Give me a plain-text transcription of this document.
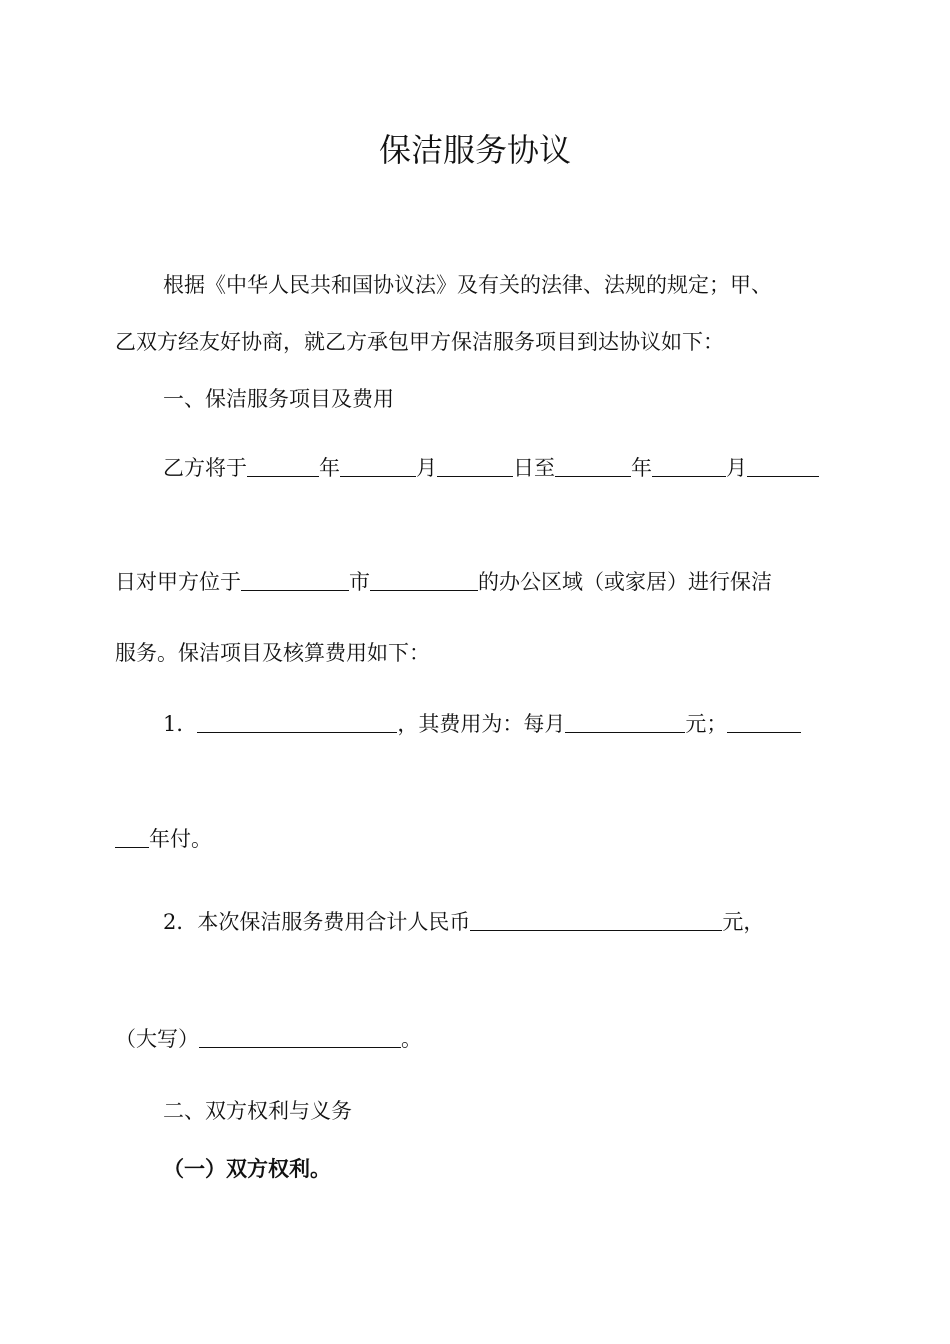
保洁服务协议
根据《中华人民共和国协议法》及有关的法律、法规的规定；甲、
乙双方经友好协商，就乙方承包甲方保洁服务项目到达协议如下：
一、保洁服务项目及费用
乙方将于	年	月	日至	年	月
日对甲方位于	市	的办公区域（或家居）进行保洁
服务。保洁项目及核算费用如下：
1．	，其费用为：每月	元；
年付。
2．本次保洁服务费用合计人民币	元，
（大写）	。
二、双方权利与义务
（一）双方权利。
